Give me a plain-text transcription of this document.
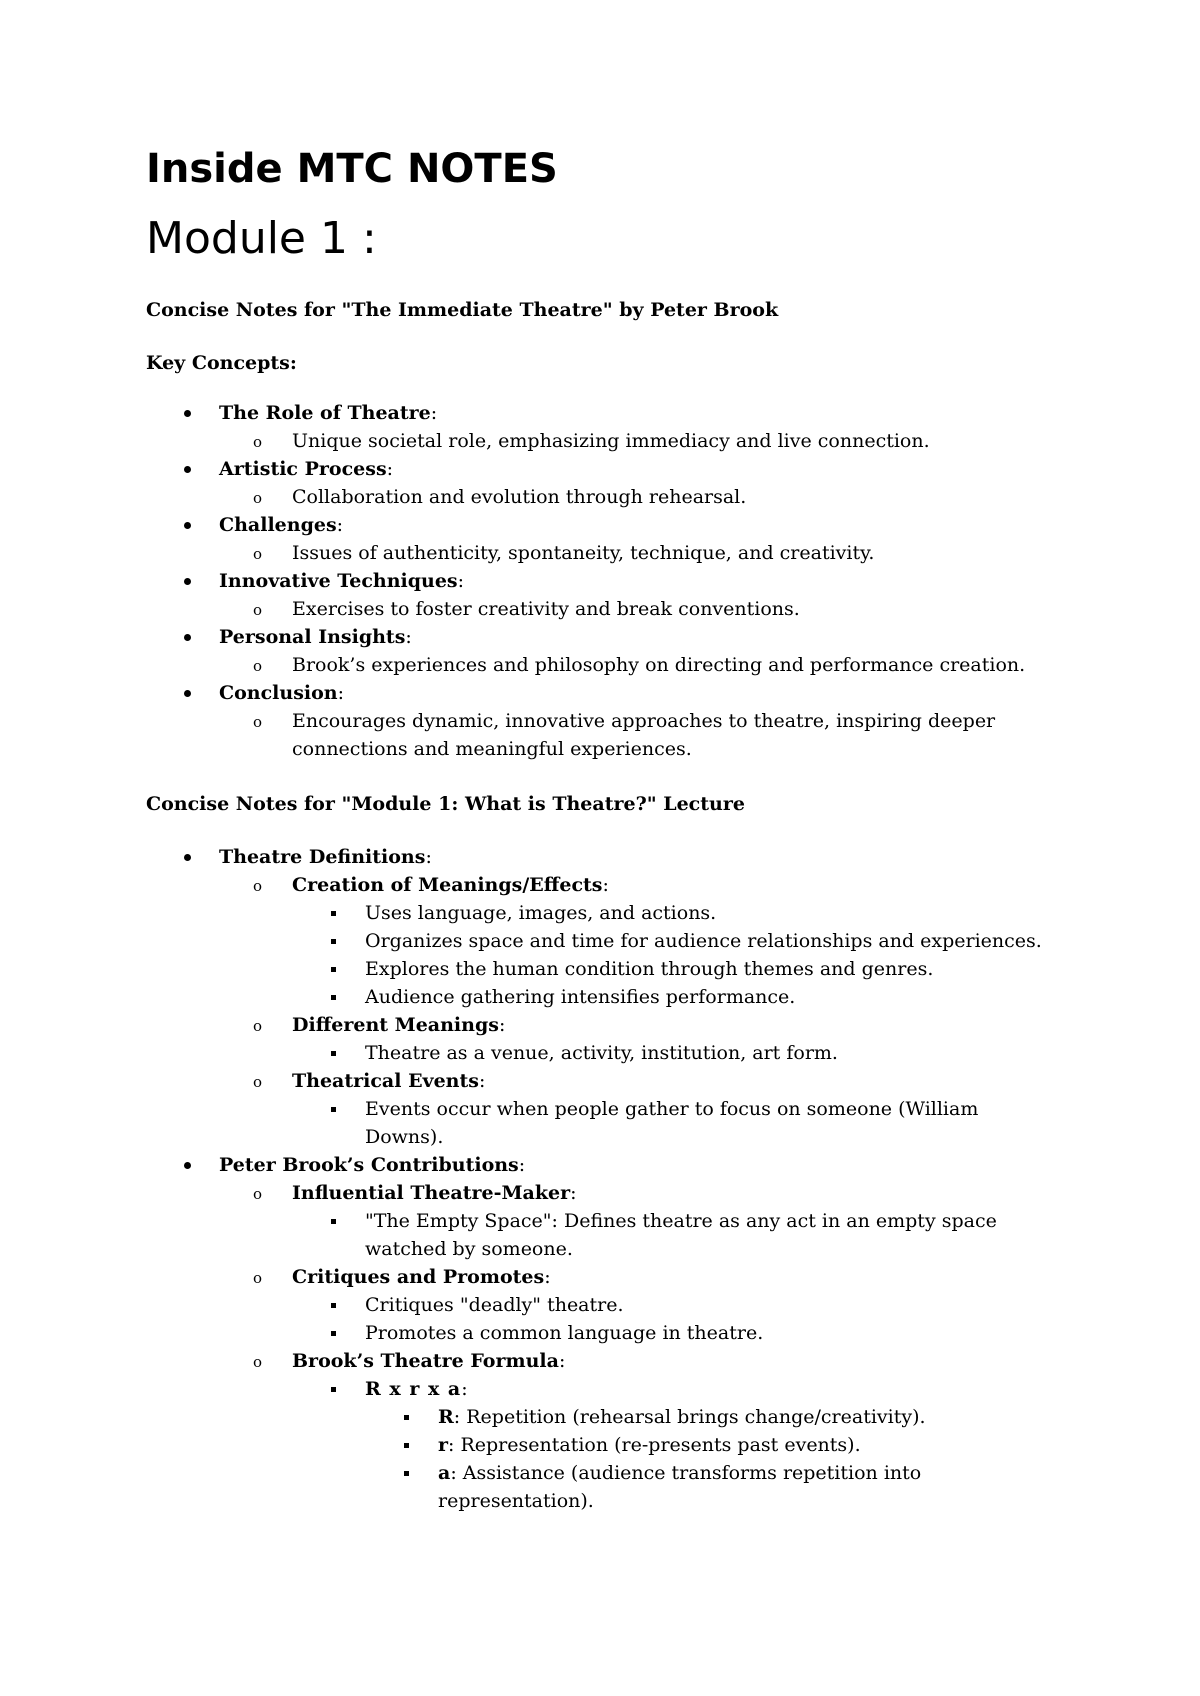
Inside MTC NOTES
Module 1 :

Concise Notes for "The Immediate Theatre" by Peter Brook

Key Concepts:

The Role of Theatre:
o Unique societal role, emphasizing immediacy and live connection.
Artistic Process:
o Collaboration and evolution through rehearsal.
Challenges:
o Issues of authenticity, spontaneity, technique, and creativity.
Innovative Techniques:
o Exercises to foster creativity and break conventions.
Personal Insights:
o Brook’s experiences and philosophy on directing and performance creation.
Conclusion:
o Encourages dynamic, innovative approaches to theatre, inspiring deeper connections and meaningful experiences.

Concise Notes for "Module 1: What is Theatre?" Lecture

Theatre Definitions:
o Creation of Meanings/Effects:
Uses language, images, and actions.
Organizes space and time for audience relationships and experiences.
Explores the human condition through themes and genres.
Audience gathering intensifies performance.
o Different Meanings:
Theatre as a venue, activity, institution, art form.
o Theatrical Events:
Events occur when people gather to focus on someone (William Downs).
Peter Brook’s Contributions:
o Influential Theatre-Maker:
"The Empty Space": Defines theatre as any act in an empty space watched by someone.
o Critiques and Promotes:
Critiques "deadly" theatre.
Promotes a common language in theatre.
o Brook’s Theatre Formula:
R x r x a:
R: Repetition (rehearsal brings change/creativity).
r: Representation (re-presents past events).
a: Assistance (audience transforms repetition into representation).
